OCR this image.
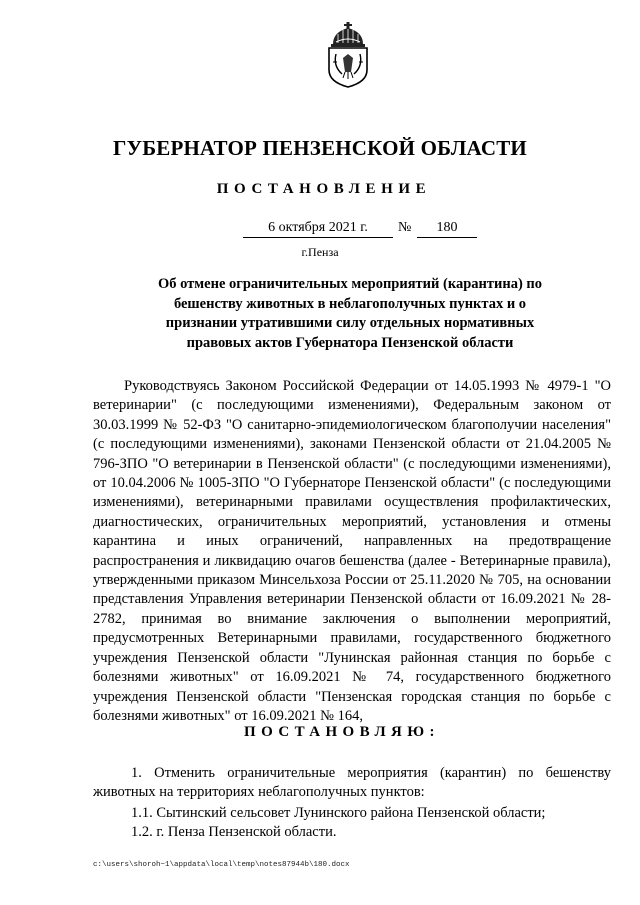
ГУБЕРНАТОР ПЕНЗЕНСКОЙ ОБЛАСТИ
ПОСТАНОВЛЕНИЕ
6 октября 2021 г.	№	180
г.Пенза
Об отмене ограничительных мероприятий (карантина) по бешенству животных в неблагополучных пунктах и о признании утратившими силу отдельных нормативных правовых актов Губернатора Пензенской области
Руководствуясь Законом Российской Федерации от 14.05.1993 № 4979-1 "О ветеринарии" (с последующими изменениями), Федеральным законом от 30.03.1999 № 52-ФЗ "О санитарно-эпидемиологическом благополучии населения" (с последующими изменениями), законами Пензенской области от 21.04.2005 № 796-ЗПО "О ветеринарии в Пензенской области" (с последующими изменениями), от 10.04.2006 № 1005-ЗПО "О Губернаторе Пензенской области" (с последующими изменениями), ветеринарными правилами осуществления профилактических, диагностических, ограничительных мероприятий, установления и отмены карантина и иных ограничений, направленных на предотвращение распространения и ликвидацию очагов бешенства (далее - Ветеринарные правила), утвержденными приказом Минсельхоза России от 25.11.2020 № 705, на основании представления Управления ветеринарии Пензенской области от 16.09.2021 № 28-2782, принимая во внимание заключения о выполнении мероприятий, предусмотренных Ветеринарными правилами, государственного бюджетного учреждения Пензенской области "Лунинская районная станция по борьбе с болезнями животных" от 16.09.2021 № 74, государственного бюджетного учреждения Пензенской области "Пензенская городская станция по борьбе с болезнями животных" от 16.09.2021 № 164,
ПОСТАНОВЛЯЮ:
1. Отменить ограничительные мероприятия (карантин) по бешенству животных на территориях неблагополучных пунктов:
1.1. Сытинский сельсовет Лунинского района Пензенской области;
1.2. г. Пенза Пензенской области.
c:\users\shoroh~1\appdata\local\temp\notes87944b\180.docx
